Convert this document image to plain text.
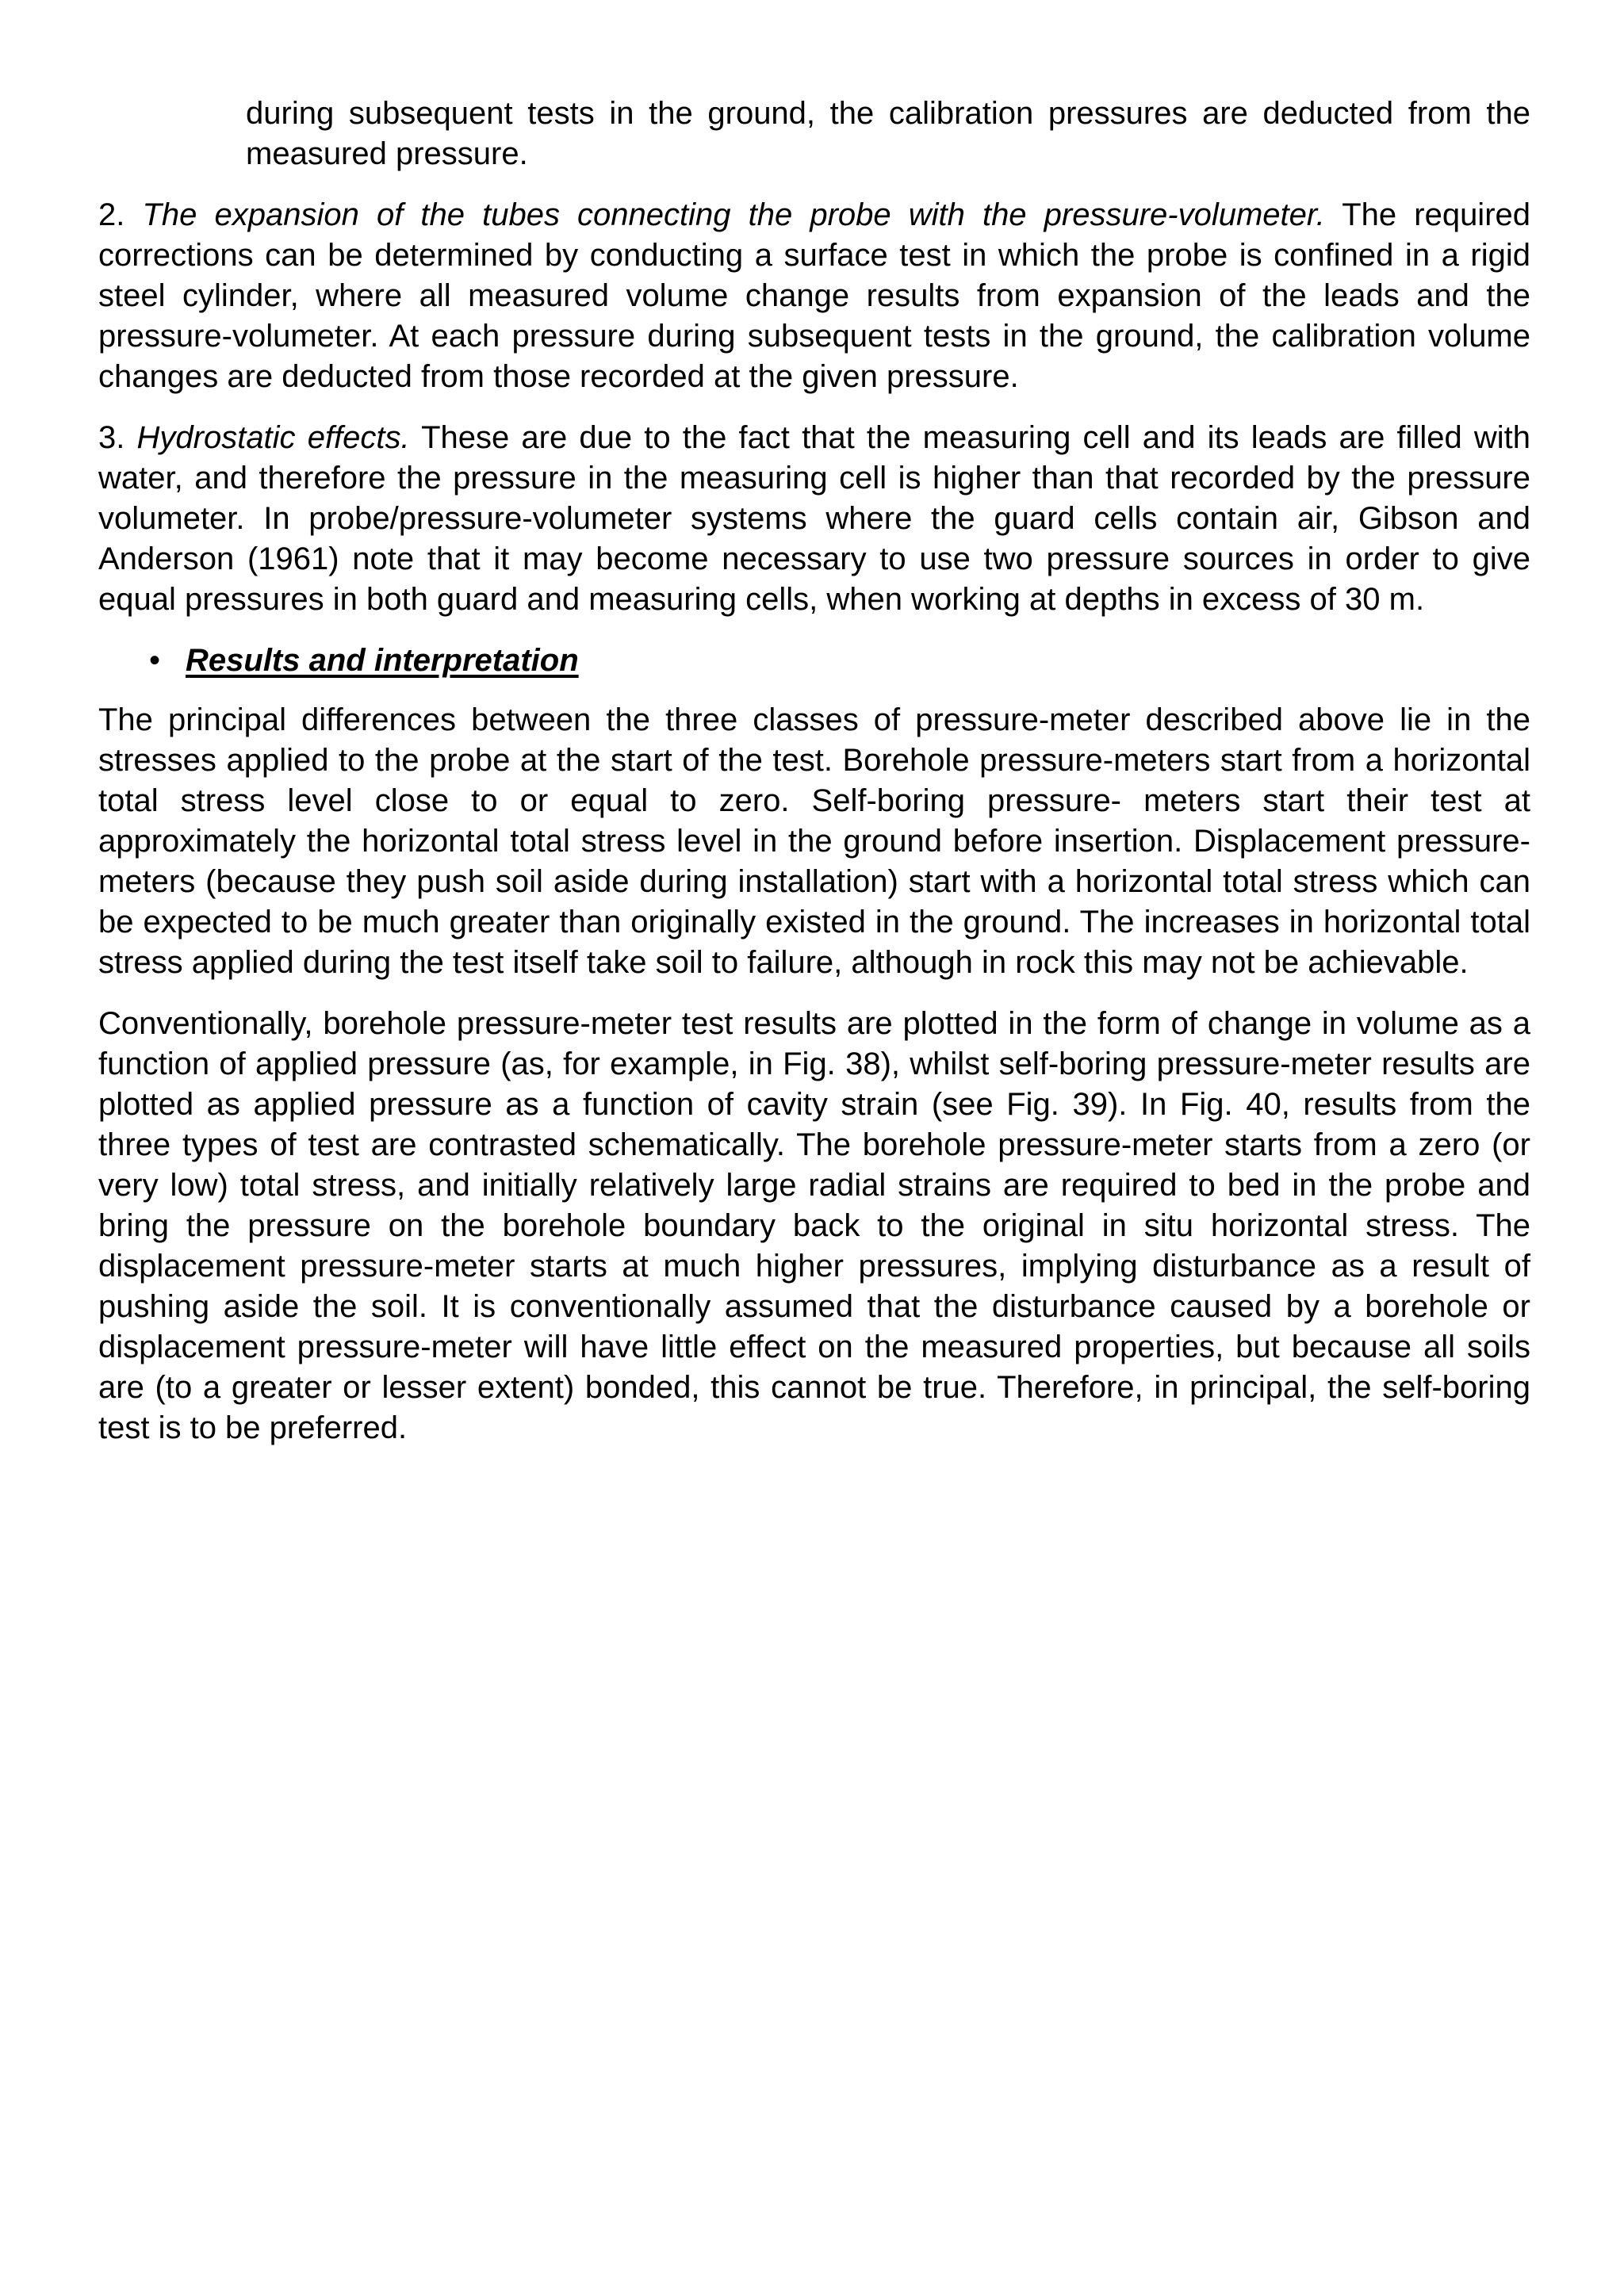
during subsequent tests in the ground, the calibration pressures are deducted from the measured pressure.

2. The expansion of the tubes connecting the probe with the pressure-volumeter. The required corrections can be determined by conducting a surface test in which the probe is confined in a rigid steel cylinder, where all measured volume change results from expansion of the leads and the pressure-volumeter. At each pressure during subsequent tests in the ground, the calibration volume changes are deducted from those recorded at the given pressure.

3. Hydrostatic effects. These are due to the fact that the measuring cell and its leads are filled with water, and therefore the pressure in the measuring cell is higher than that recorded by the pressure volumeter. In probe/pressure-volumeter systems where the guard cells contain air, Gibson and Anderson (1961) note that it may become necessary to use two pressure sources in order to give equal pressures in both guard and measuring cells, when working at depths in excess of 30 m.

• Results and interpretation

The principal differences between the three classes of pressure-meter described above lie in the stresses applied to the probe at the start of the test. Borehole pressure-meters start from a horizontal total stress level close to or equal to zero. Self-boring pressure- meters start their test at approximately the horizontal total stress level in the ground before insertion. Displacement pressure-meters (because they push soil aside during installation) start with a horizontal total stress which can be expected to be much greater than originally existed in the ground. The increases in horizontal total stress applied during the test itself take soil to failure, although in rock this may not be achievable.

Conventionally, borehole pressure-meter test results are plotted in the form of change in volume as a function of applied pressure (as, for example, in Fig. 38), whilst self-boring pressure-meter results are plotted as applied pressure as a function of cavity strain (see Fig. 39). In Fig. 40, results from the three types of test are contrasted schematically. The borehole pressure-meter starts from a zero (or very low) total stress, and initially relatively large radial strains are required to bed in the probe and bring the pressure on the borehole boundary back to the original in situ horizontal stress. The displacement pressure-meter starts at much higher pressures, implying disturbance as a result of pushing aside the soil. It is conventionally assumed that the disturbance caused by a borehole or displacement pressure-meter will have little effect on the measured properties, but because all soils are (to a greater or lesser extent) bonded, this cannot be true. Therefore, in principal, the self-boring test is to be preferred.
